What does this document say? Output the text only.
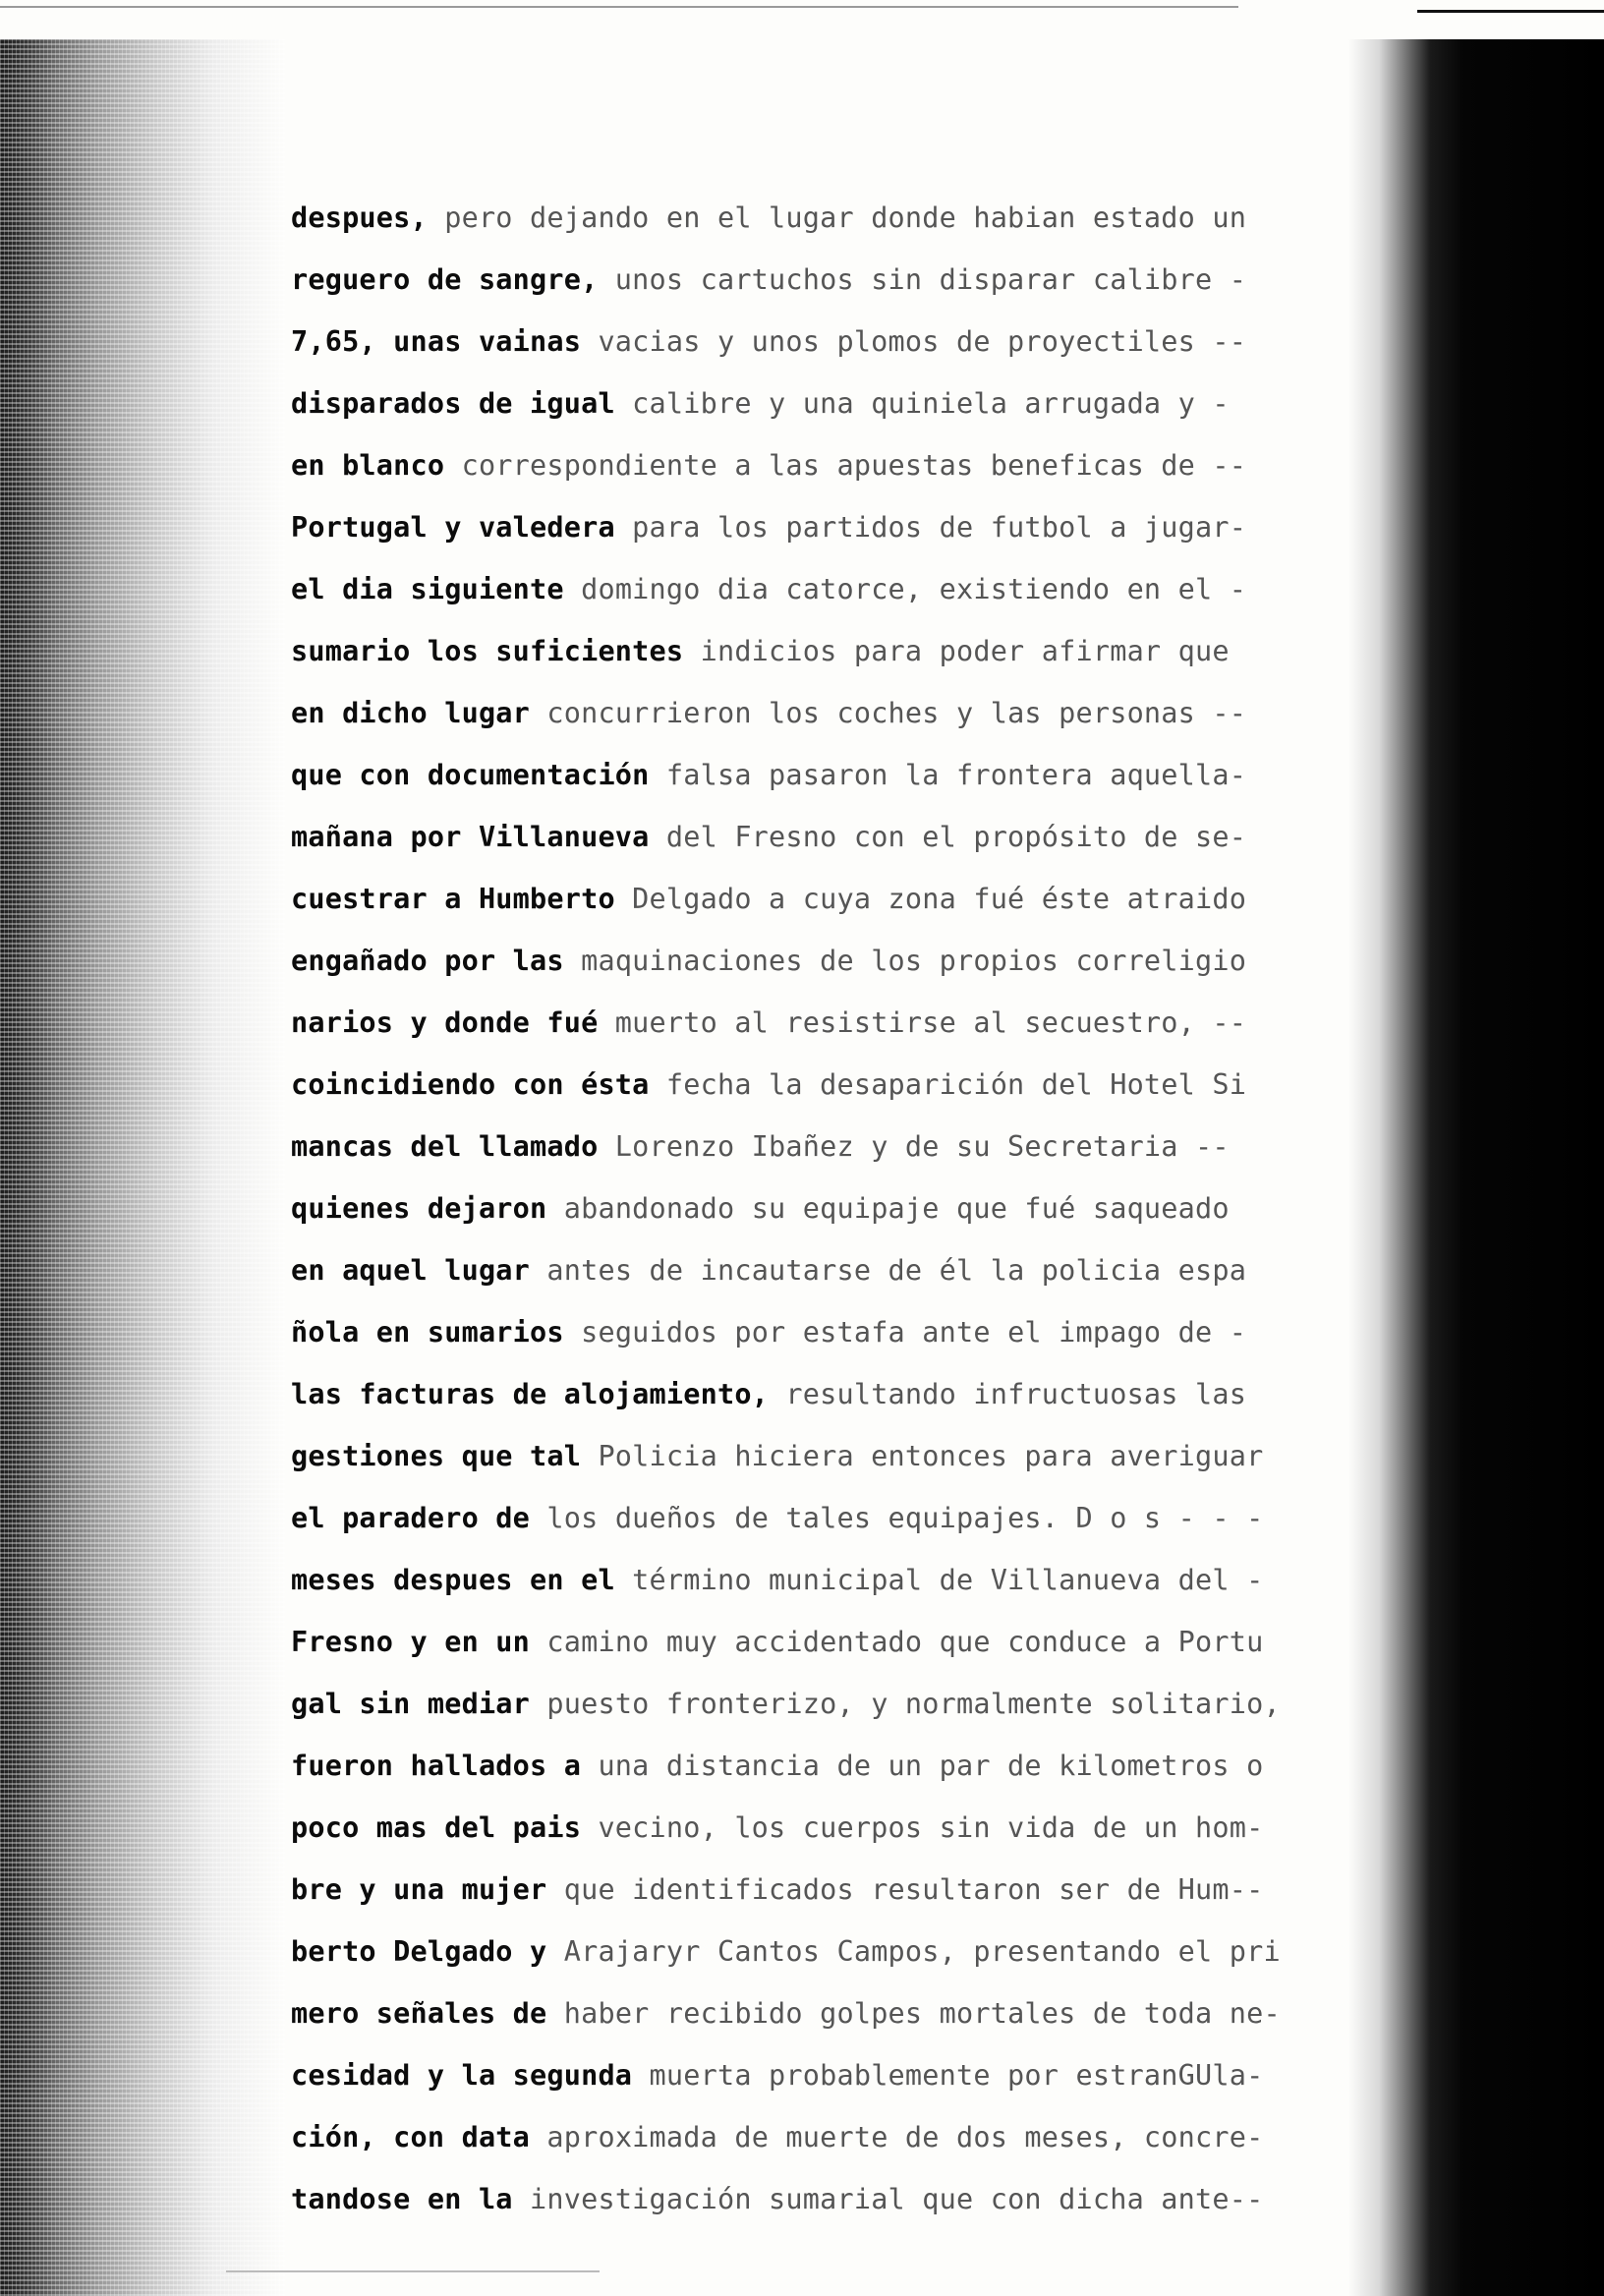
despues, pero dejando en el lugar donde habian estado un
reguero de sangre, unos cartuchos sin disparar calibre -
7,65, unas vainas vacias y unos plomos de proyectiles --
disparados de igual calibre y una quiniela arrugada y -
en blanco correspondiente a las apuestas beneficas de --
Portugal y valedera para los partidos de futbol a jugar-
el dia siguiente domingo dia catorce, existiendo en el -
sumario los suficientes indicios para poder afirmar que
en dicho lugar concurrieron los coches y las personas --
que con documentación falsa pasaron la frontera aquella-
mañana por Villanueva del Fresno con el propósito de se-
cuestrar a Humberto Delgado a cuya zona fué éste atraido
engañado por las maquinaciones de los propios correligio
narios y donde fué muerto al resistirse al secuestro, --
coincidiendo con ésta fecha la desaparición del Hotel Si
mancas del llamado Lorenzo Ibañez y de su Secretaria --
quienes dejaron abandonado su equipaje que fué saqueado
en aquel lugar antes de incautarse de él la policia espa
ñola en sumarios seguidos por estafa ante el impago de -
las facturas de alojamiento, resultando infructuosas las
gestiones que tal Policia hiciera entonces para averiguar
el paradero de los dueños de tales equipajes. D o s - - -
meses despues en el término municipal de Villanueva del -
Fresno y en un camino muy accidentado que conduce a Portu
gal sin mediar puesto fronterizo, y normalmente solitario,
fueron hallados a una distancia de un par de kilometros o
poco mas del pais vecino, los cuerpos sin vida de un hom-
bre y una mujer que identificados resultaron ser de Hum--
berto Delgado y Arajaryr Cantos Campos, presentando el pri
mero señales de haber recibido golpes mortales de toda ne-
cesidad y la segunda muerta probablemente por estranGUla-
ción, con data aproximada de muerte de dos meses, concre-
tandose en la investigación sumarial que con dicha ante--
